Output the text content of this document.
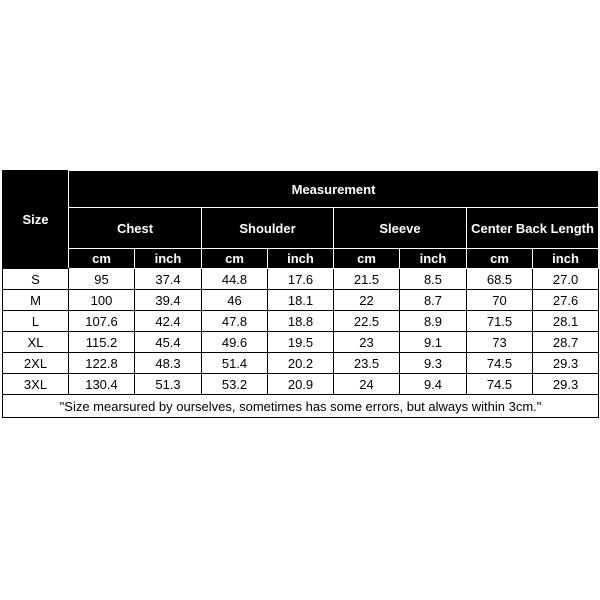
Size	Measurement							
	Chest		Shoulder		Sleeve		Center Back Length	
	cm	inch	cm	inch	cm	inch	cm	inch
S	95	37.4	44.8	17.6	21.5	8.5	68.5	27.0
M	100	39.4	46	18.1	22	8.7	70	27.6
L	107.6	42.4	47.8	18.8	22.5	8.9	71.5	28.1
XL	115.2	45.4	49.6	19.5	23	9.1	73	28.7
2XL	122.8	48.3	51.4	20.2	23.5	9.3	74.5	29.3
3XL	130.4	51.3	53.2	20.9	24	9.4	74.5	29.3
"Size mearsured by ourselves, sometimes has some errors, but always within 3cm."								
